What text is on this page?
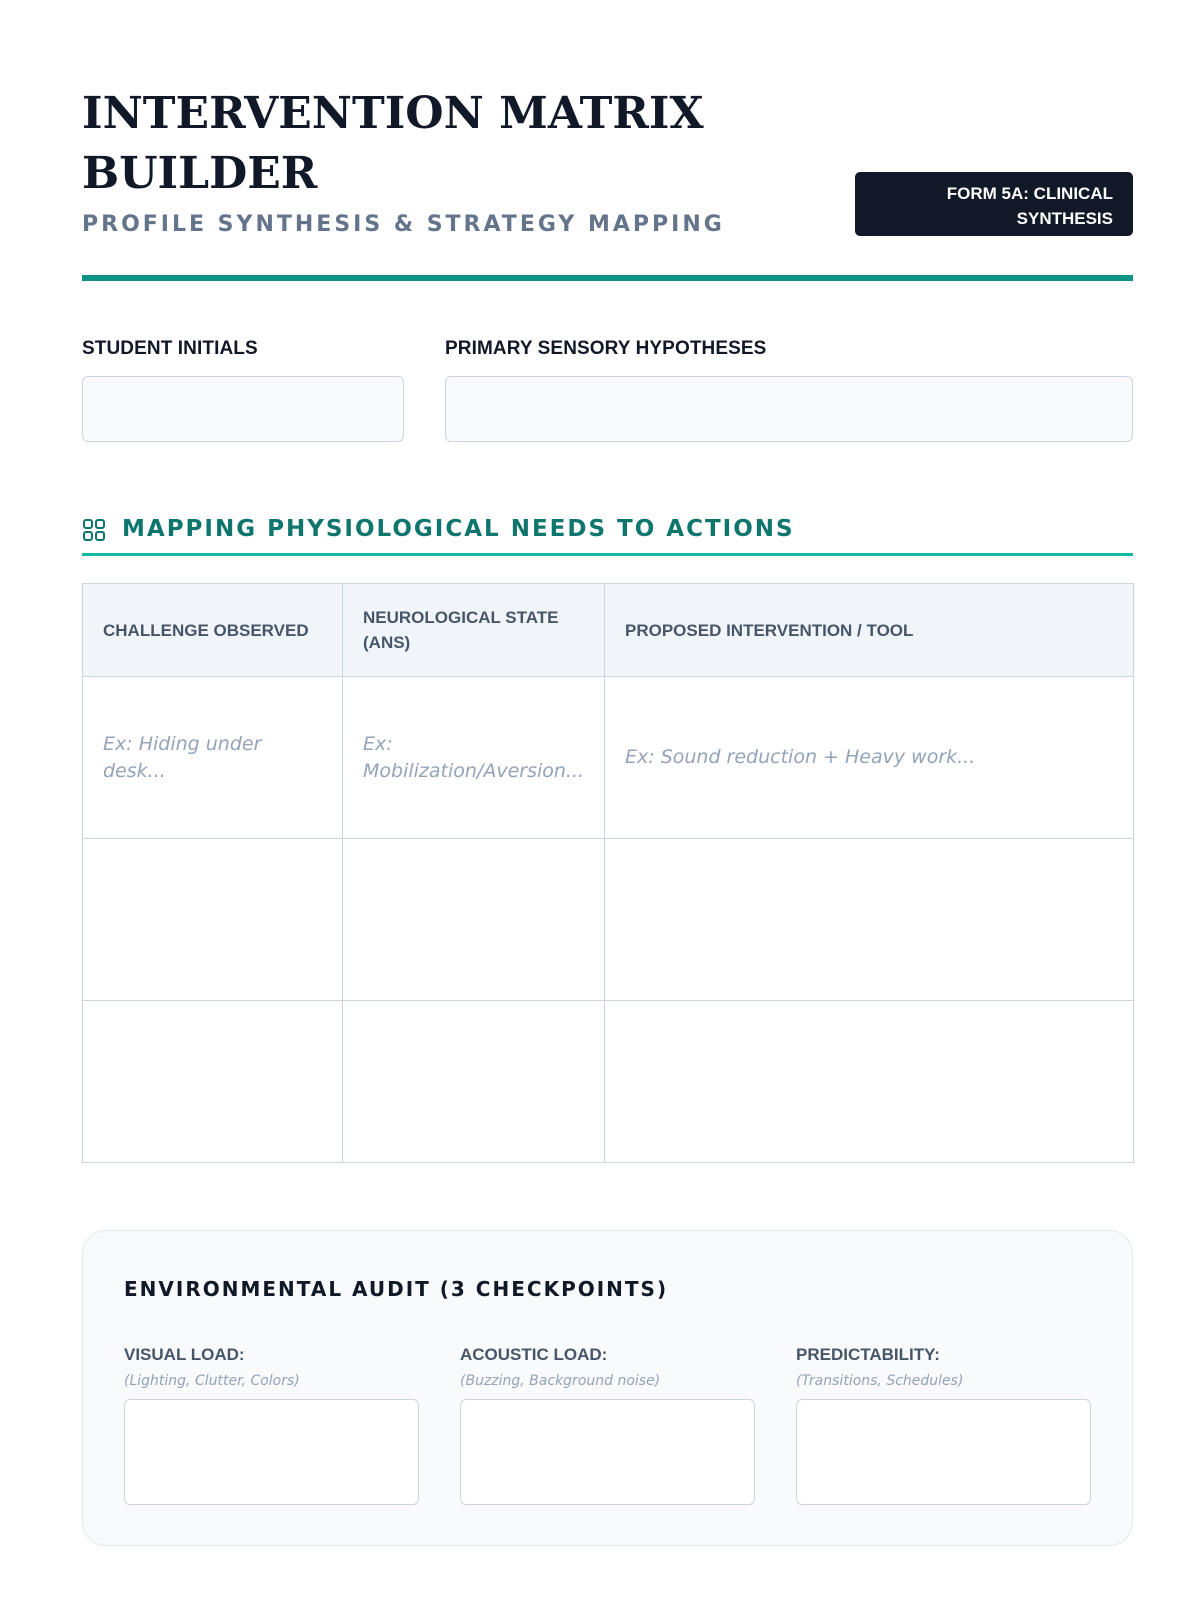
INTERVENTION MATRIX BUILDER
PROFILE SYNTHESIS & STRATEGY MAPPING
FORM 5A: CLINICAL SYNTHESIS
STUDENT INITIALS	PRIMARY SENSORY HYPOTHESES
MAPPING PHYSIOLOGICAL NEEDS TO ACTIONS
CHALLENGE OBSERVED	NEUROLOGICAL STATE (ANS)	PROPOSED INTERVENTION / TOOL
Ex: Hiding under desk...	Ex: Mobilization/Aversion...	Ex: Sound reduction + Heavy work...

ENVIRONMENTAL AUDIT (3 CHECKPOINTS)
VISUAL LOAD:
(Lighting, Clutter, Colors)
ACOUSTIC LOAD:
(Buzzing, Background noise)
PREDICTABILITY:
(Transitions, Schedules)
